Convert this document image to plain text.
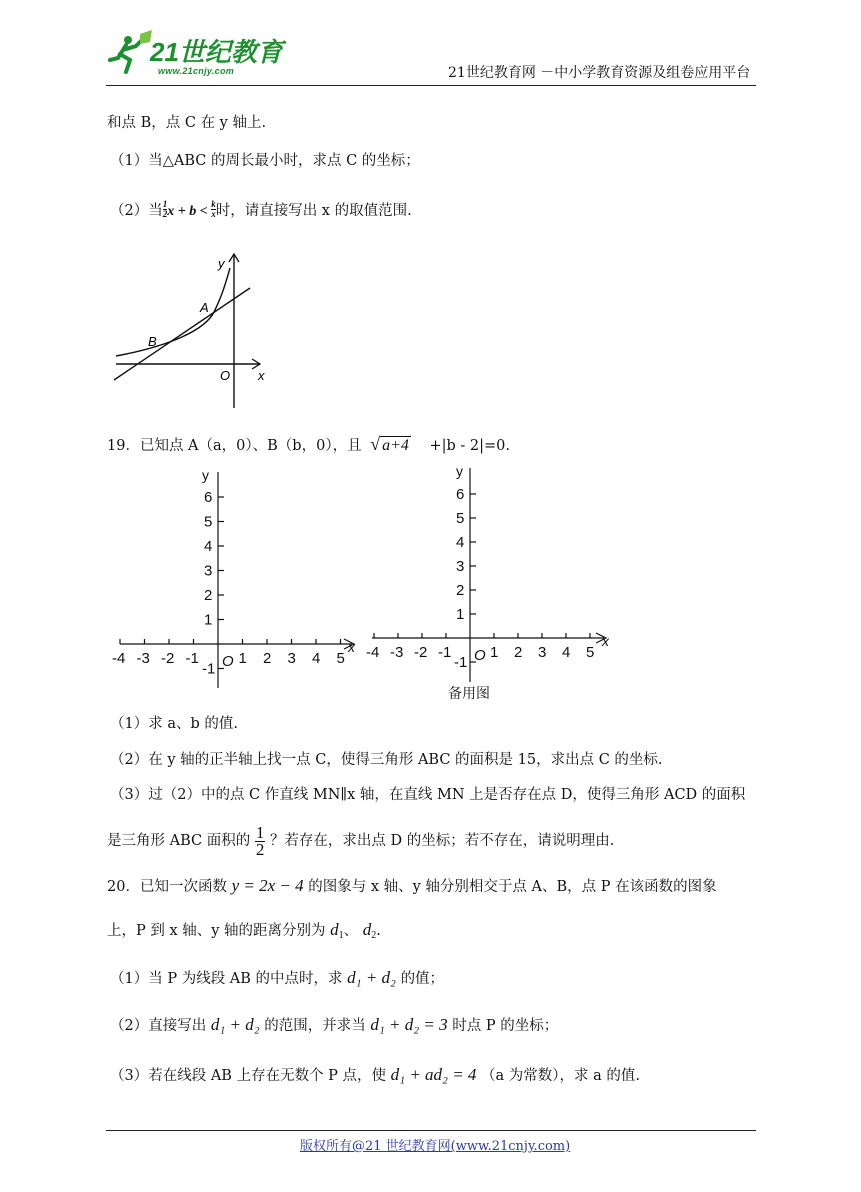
21世纪教育
www.21cnjy.com	21世纪教育网 －中小学教育资源及组卷应用平台
和点 B，点 C 在 y 轴上.
（1）当△ABC 的周长最小时，求点 C 的坐标；
（2）当 $\frac{1}{2}$ $x + b < \frac{k}{x}$ 时，请直接写出 x 的取值范围.
y
x
A
B
O
19．已知点 A（a，0）、B（b，0），且 √ a+4 +|b - 2|=0.
6
5
4
3
2
1
-1
-4 -3 -2 -1	1 2 3 4 5
y
x
O
6
5
4
3
2
1
-1
-4 -3 -2 -1	1 2 3 4 5
y
x
O
备用图
（1）求 a、b 的值.
（2）在 y 轴的正半轴上找一点 C，使得三角形 ABC 的面积是 15，求出点 C 的坐标.
（3）过（2）中的点 C 作直线 MN∥x 轴，在直线 MN 上是否存在点 D，使得三角形 ACD 的面积
是三角形 ABC 面积的 $\frac{1}{2}$ ？若存在，求出点 D 的坐标；若不存在，请说明理由.
20．已知一次函数 y = 2x − 4 的图象与 x 轴、y 轴分别相交于点 A、B，点 P 在该函数的图象
上，P 到 x 轴、y 轴的距离分别为 $d_1$、 $d_2$.
（1）当 P 为线段 AB 的中点时，求 d₁ + d₂ 的值；
（2）直接写出 d₁ + d₂ 的范围，并求当 d₁ + d₂ = 3 时点 P 的坐标；
（3）若在线段 AB 上存在无数个 P 点，使 d₁ + ad₂ = 4 （a 为常数），求 a 的值.
版权所有@21 世纪教育网(www.21cnjy.com)
